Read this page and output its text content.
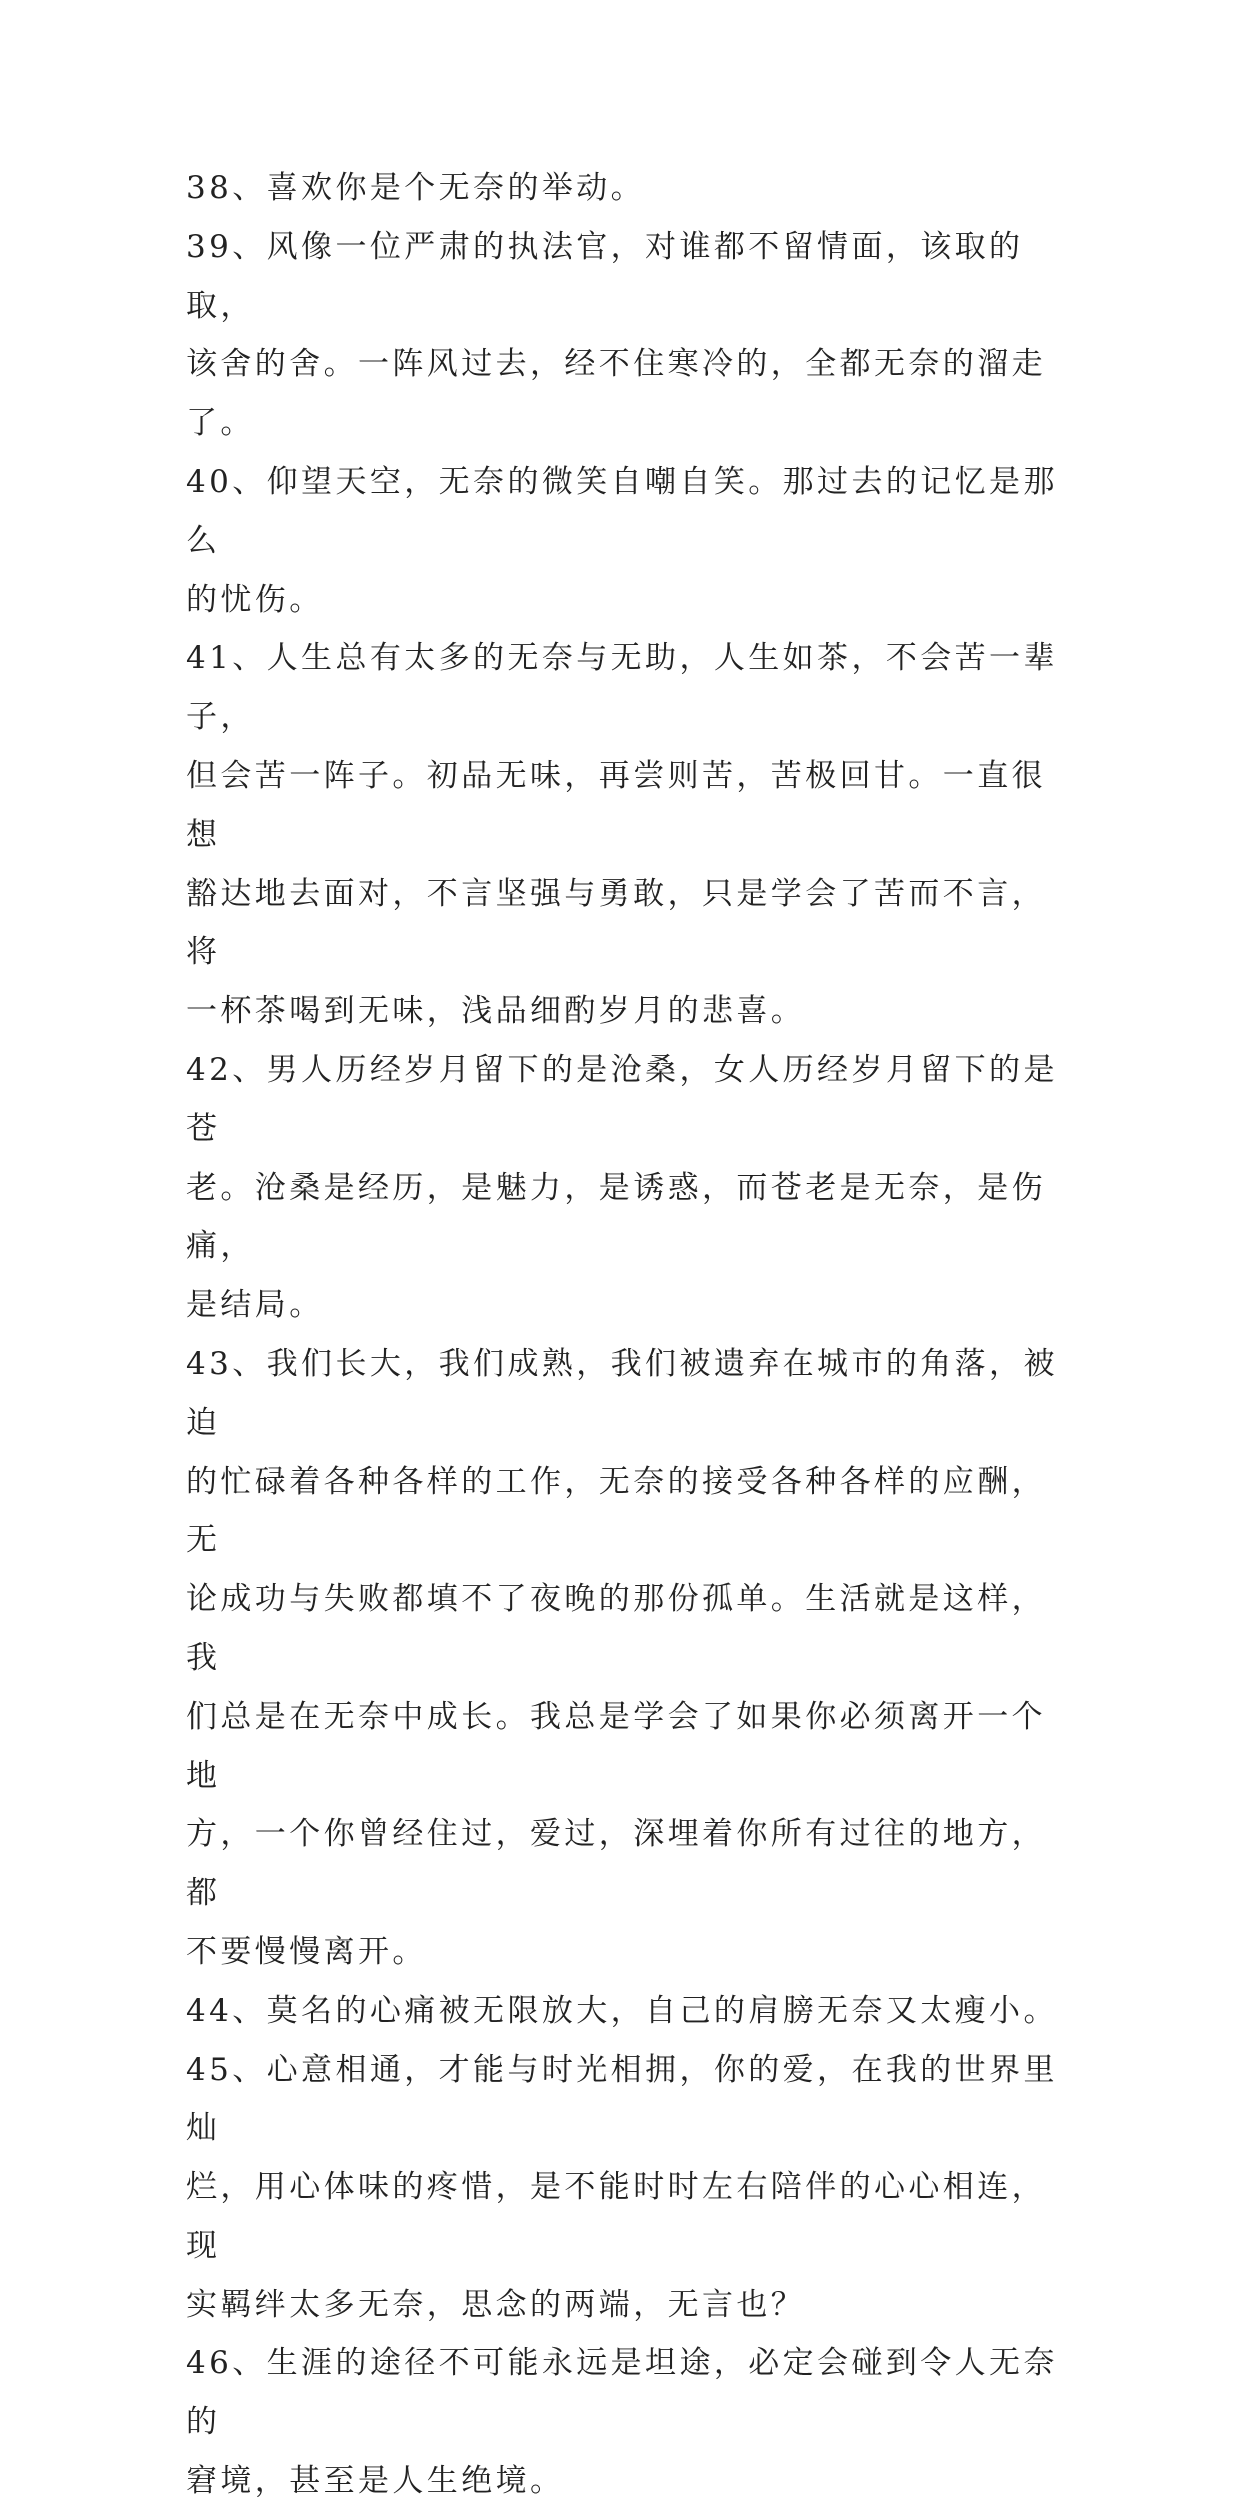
38、喜欢你是个无奈的举动。

39、风像一位严肃的执法官，对谁都不留情面，该取的取，
该舍的舍。一阵风过去，经不住寒冷的，全都无奈的溜走了。

40、仰望天空，无奈的微笑自嘲自笑。那过去的记忆是那么
的忧伤。

41、人生总有太多的无奈与无助，人生如茶，不会苦一辈子，
但会苦一阵子。初品无味，再尝则苦，苦极回甘。一直很想
豁达地去面对，不言坚强与勇敢，只是学会了苦而不言，将
一杯茶喝到无味，浅品细酌岁月的悲喜。

42、男人历经岁月留下的是沧桑，女人历经岁月留下的是苍
老。沧桑是经历，是魅力，是诱惑，而苍老是无奈，是伤痛，
是结局。

43、我们长大，我们成熟，我们被遗弃在城市的角落，被迫
的忙碌着各种各样的工作，无奈的接受各种各样的应酬，无
论成功与失败都填不了夜晚的那份孤单。生活就是这样，我
们总是在无奈中成长。我总是学会了如果你必须离开一个地
方，一个你曾经住过，爱过，深埋着你所有过往的地方，都
不要慢慢离开。

44、莫名的心痛被无限放大，自己的肩膀无奈又太瘦小。

45、心意相通，才能与时光相拥，你的爱，在我的世界里灿
烂，用心体味的疼惜，是不能时时左右陪伴的心心相连，现
实羁绊太多无奈，思念的两端，无言也？

46、生涯的途径不可能永远是坦途，必定会碰到令人无奈的
窘境，甚至是人生绝境。
